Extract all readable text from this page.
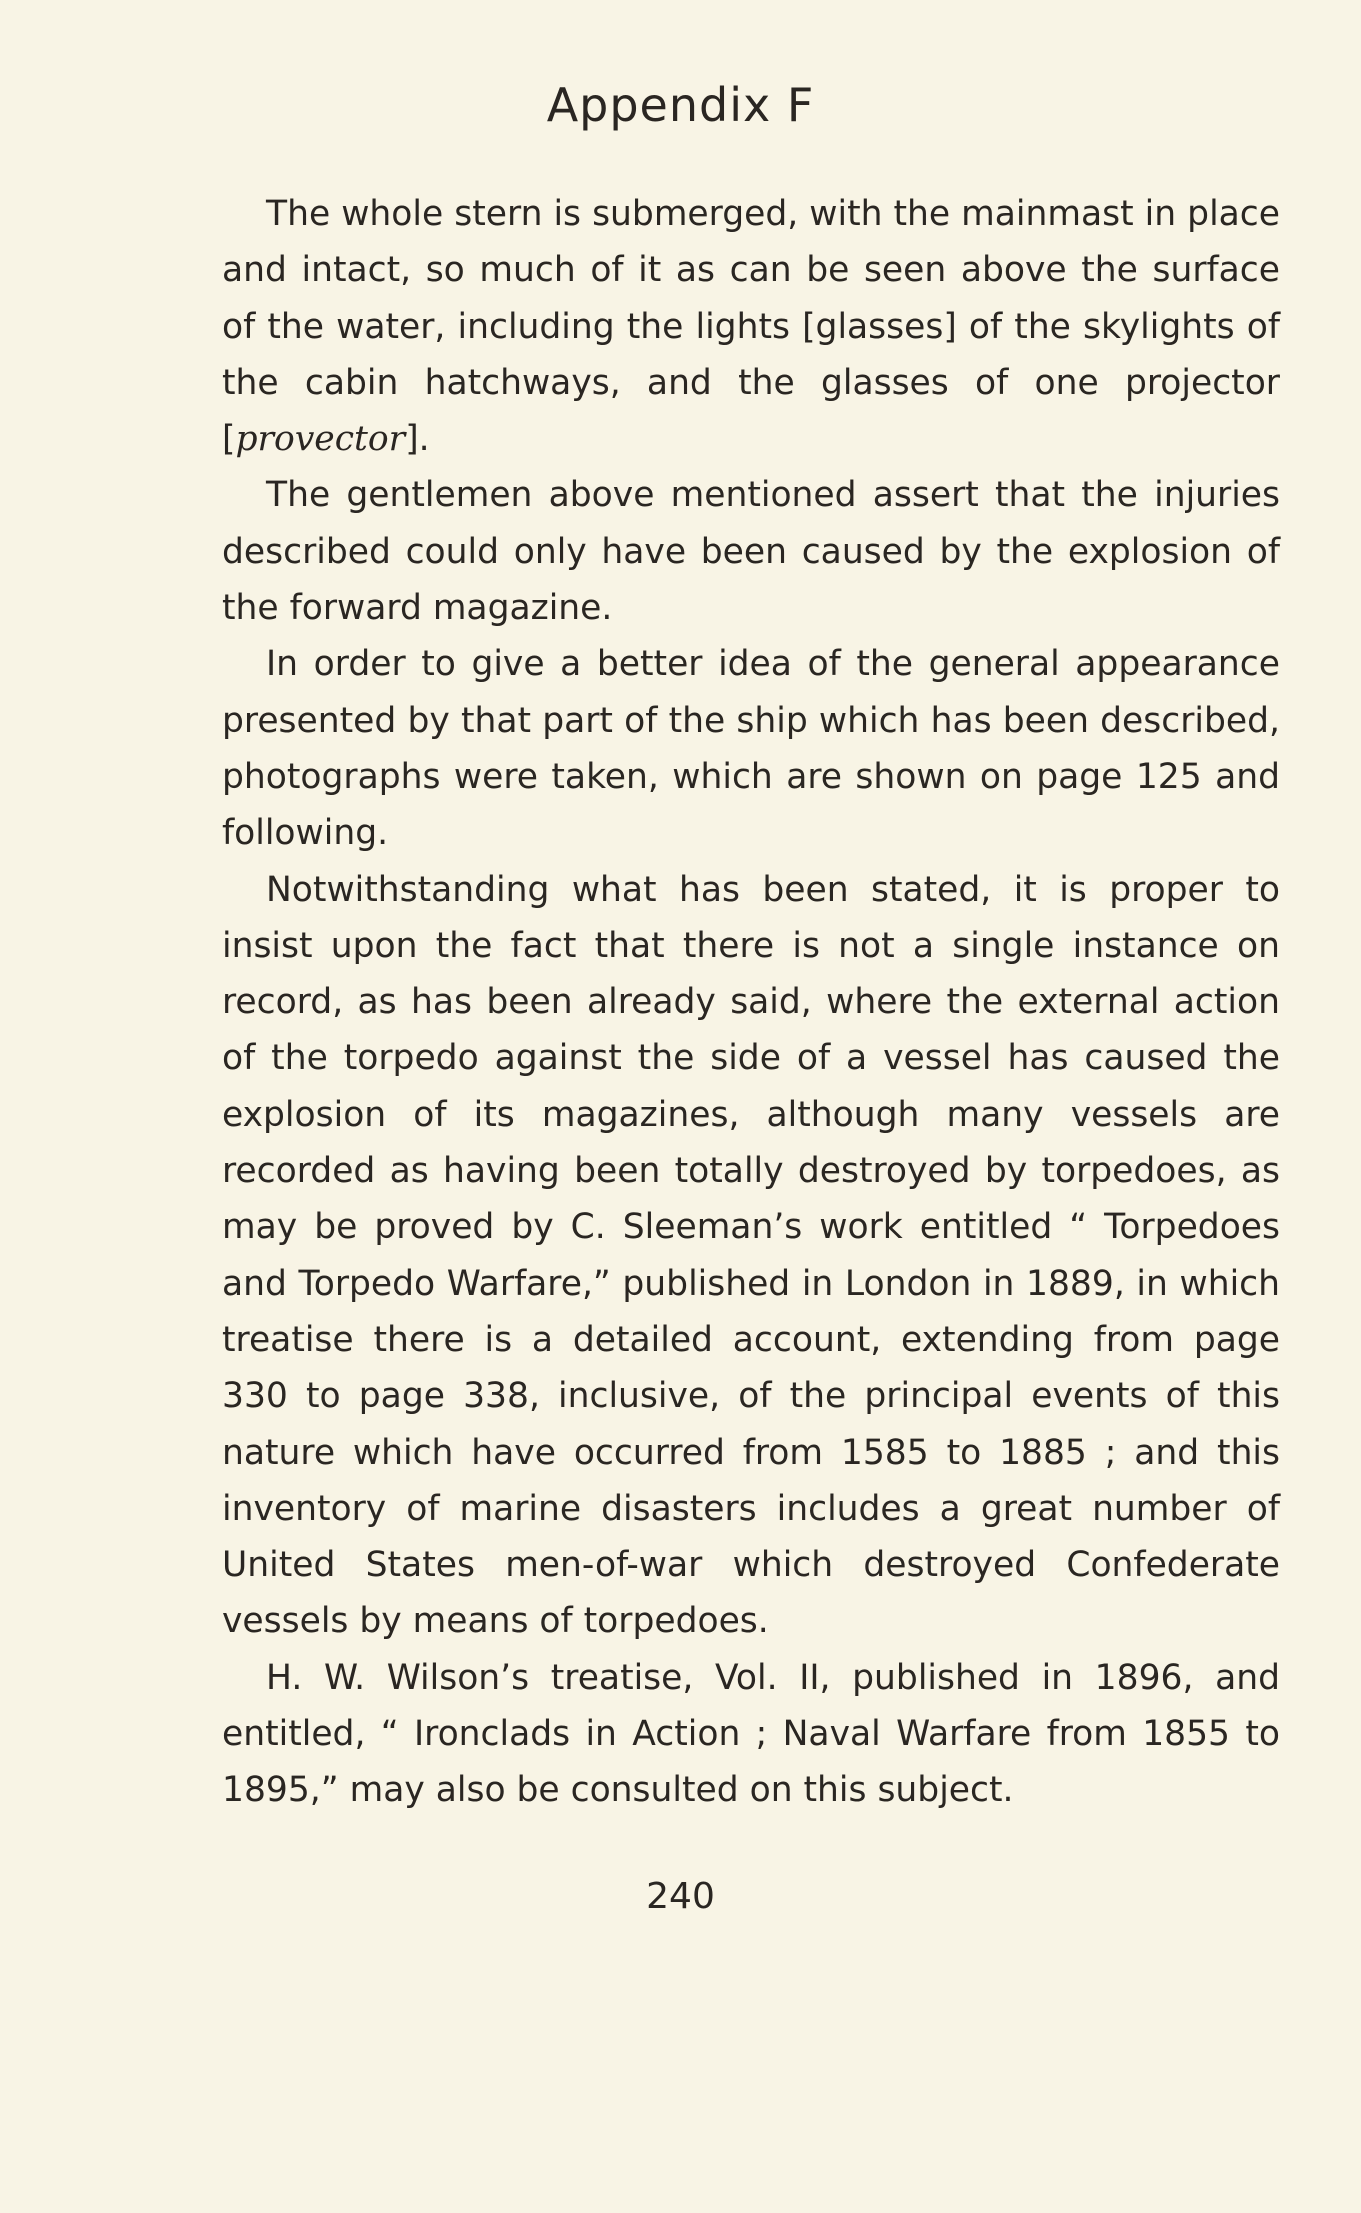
Appendix F

The whole stern is submerged, with the mainmast in place and intact, so much of it as can be seen above the surface of the water, including the lights [glasses] of the skylights of the cabin hatchways, and the glasses of one projector [provector].

The gentlemen above mentioned assert that the injuries described could only have been caused by the explosion of the forward magazine.

In order to give a better idea of the general appearance presented by that part of the ship which has been described, photographs were taken, which are shown on page 125 and following.

Notwithstanding what has been stated, it is proper to insist upon the fact that there is not a single instance on record, as has been already said, where the external action of the torpedo against the side of a vessel has caused the explosion of its magazines, although many vessels are recorded as having been totally destroyed by torpedoes, as may be proved by C. Sleeman’s work entitled “ Torpedoes and Torpedo Warfare,” published in London in 1889, in which treatise there is a detailed account, extending from page 330 to page 338, inclusive, of the principal events of this nature which have occurred from 1585 to 1885 ; and this inventory of marine disasters includes a great number of United States men-of-war which destroyed Confederate vessels by means of torpedoes.

H. W. Wilson’s treatise, Vol. II, published in 1896, and entitled, “ Ironclads in Action ; Naval Warfare from 1855 to 1895,” may also be consulted on this subject.

240
